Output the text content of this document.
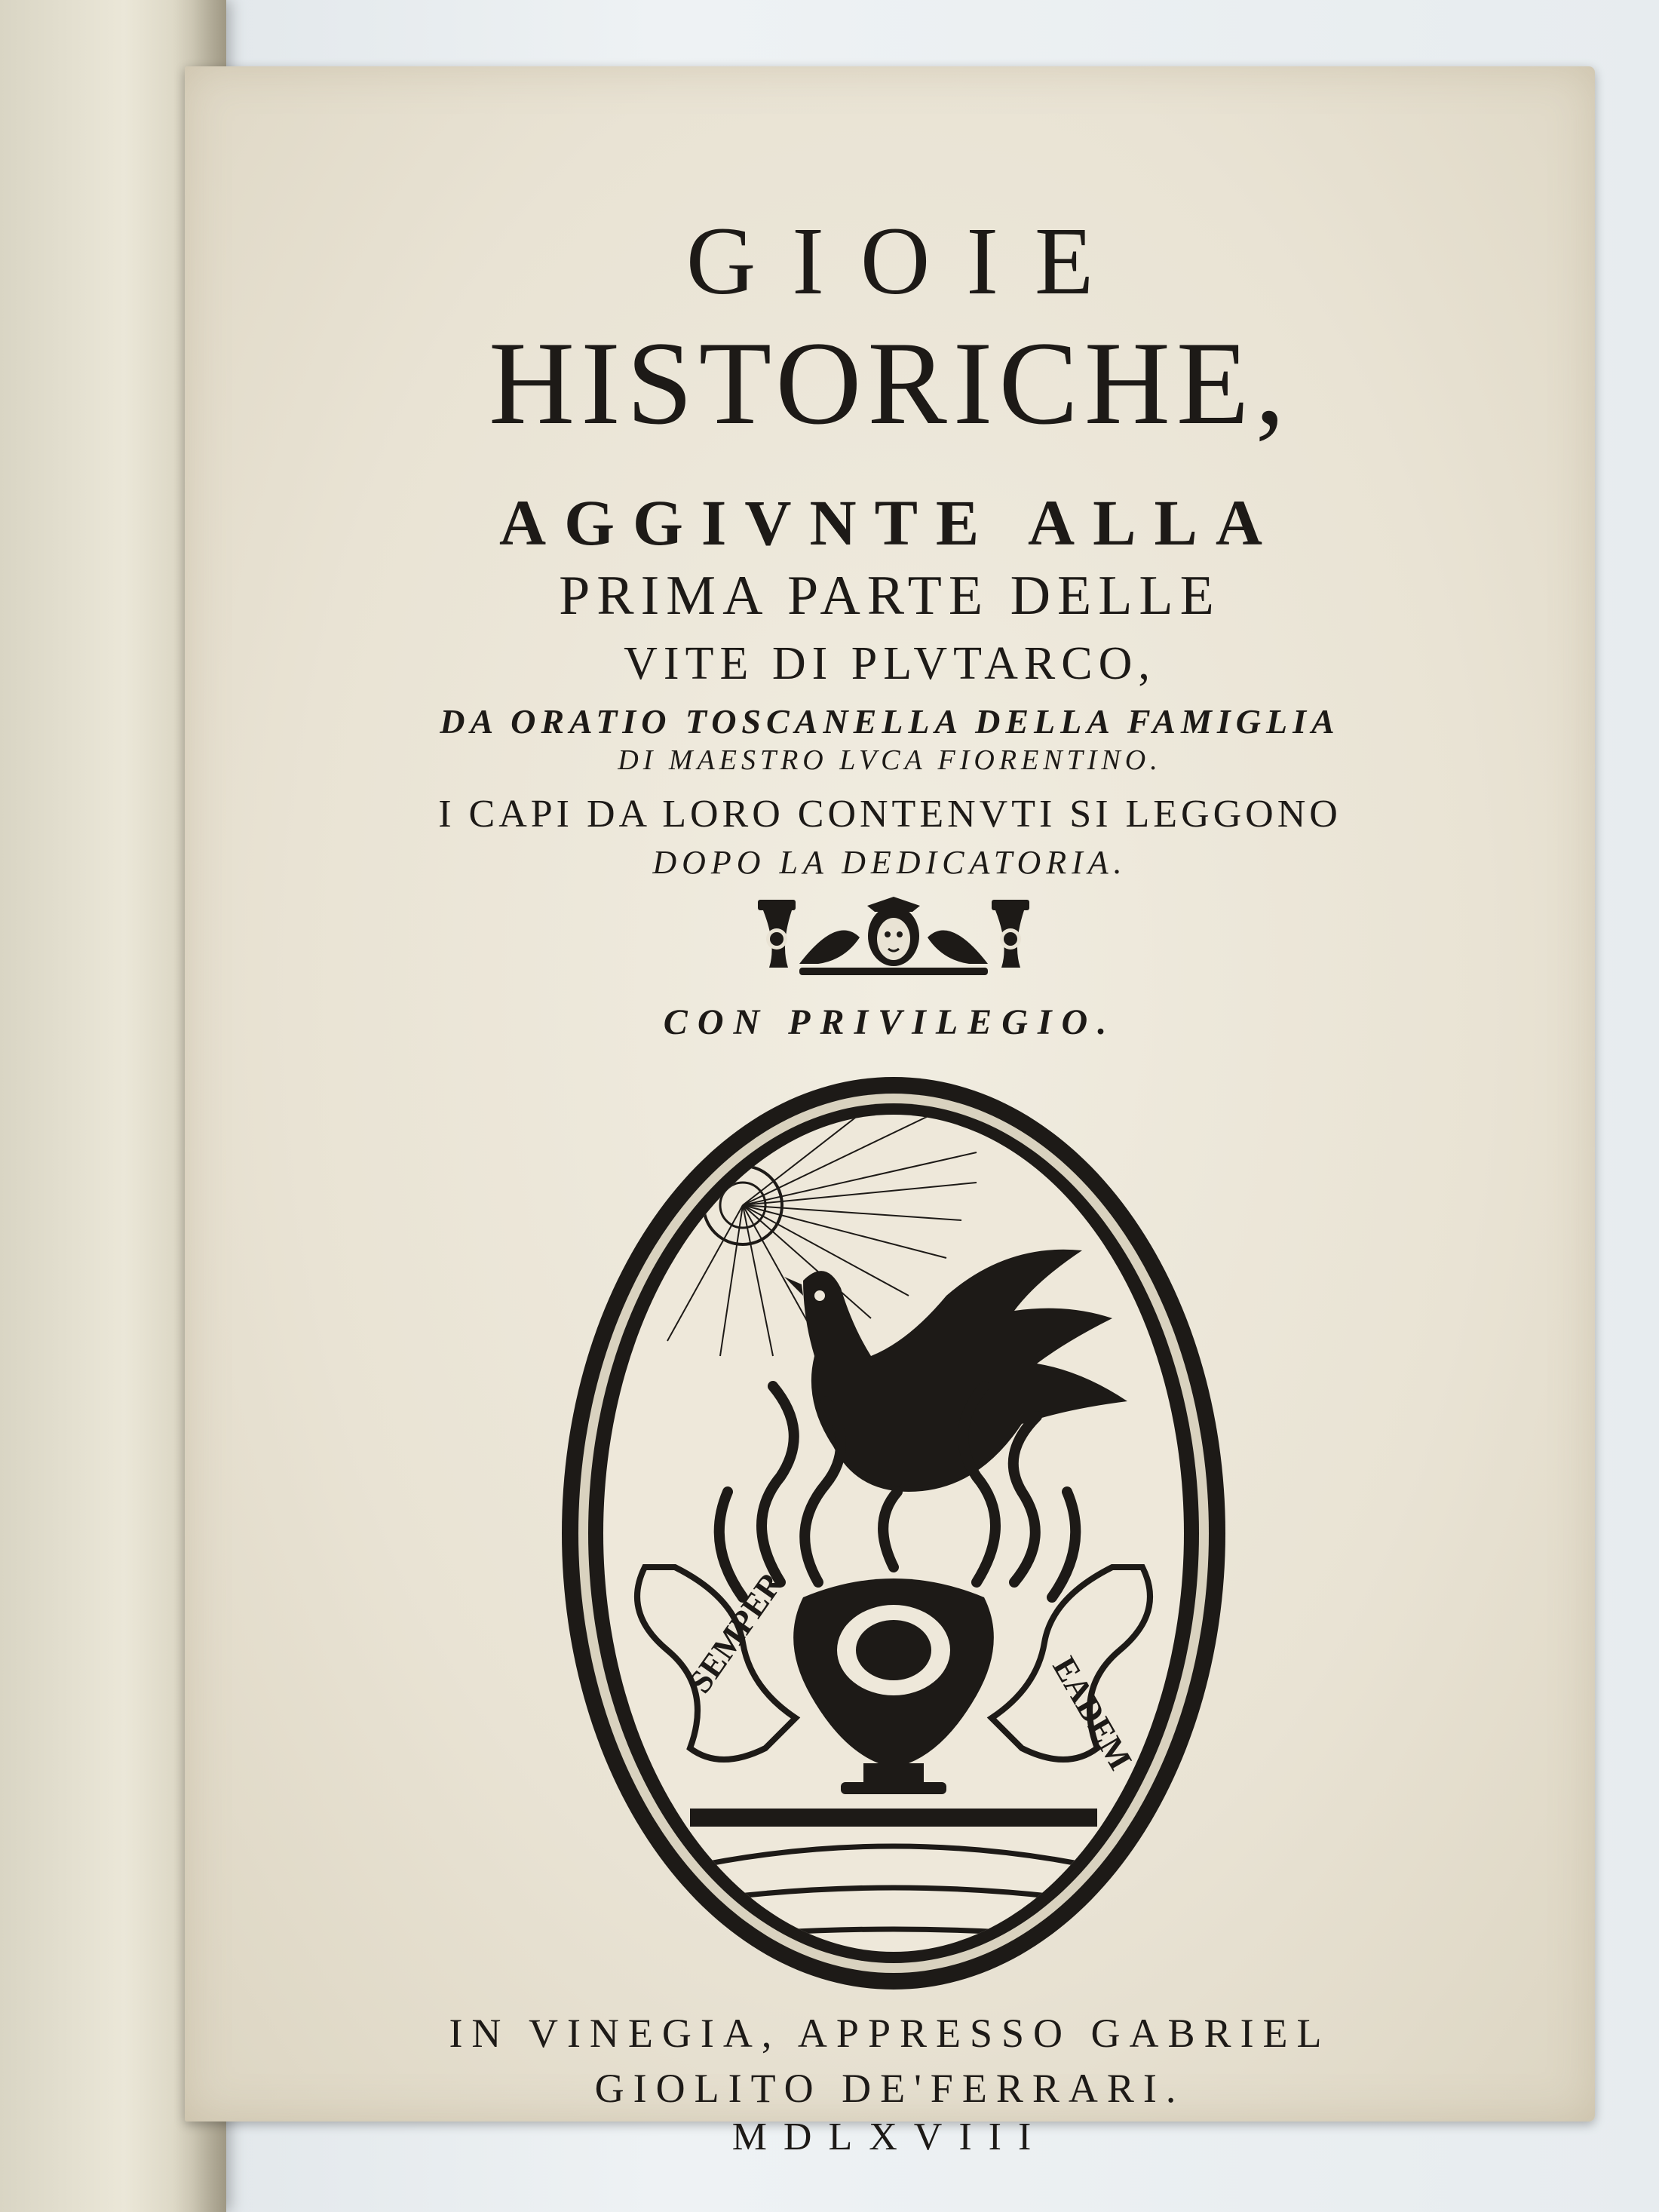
GIOIE
HISTORICHE,
AGGIVNTE ALLA
PRIMA PARTE DELLE
VITE DI PLVTARCO,
DA ORATIO TOSCANELLA DELLA FAMIGLIA
DI MAESTRO LVCA FIORENTINO.
I CAPI DA LORO CONTENVTI SI LEGGONO
DOPO LA DEDICATORIA.
CON PRIVILEGIO.
SEMPER
EADEM
IN VINEGIA, APPRESSO GABRIEL
GIOLITO DE'FERRARI.
MDLXVIII
